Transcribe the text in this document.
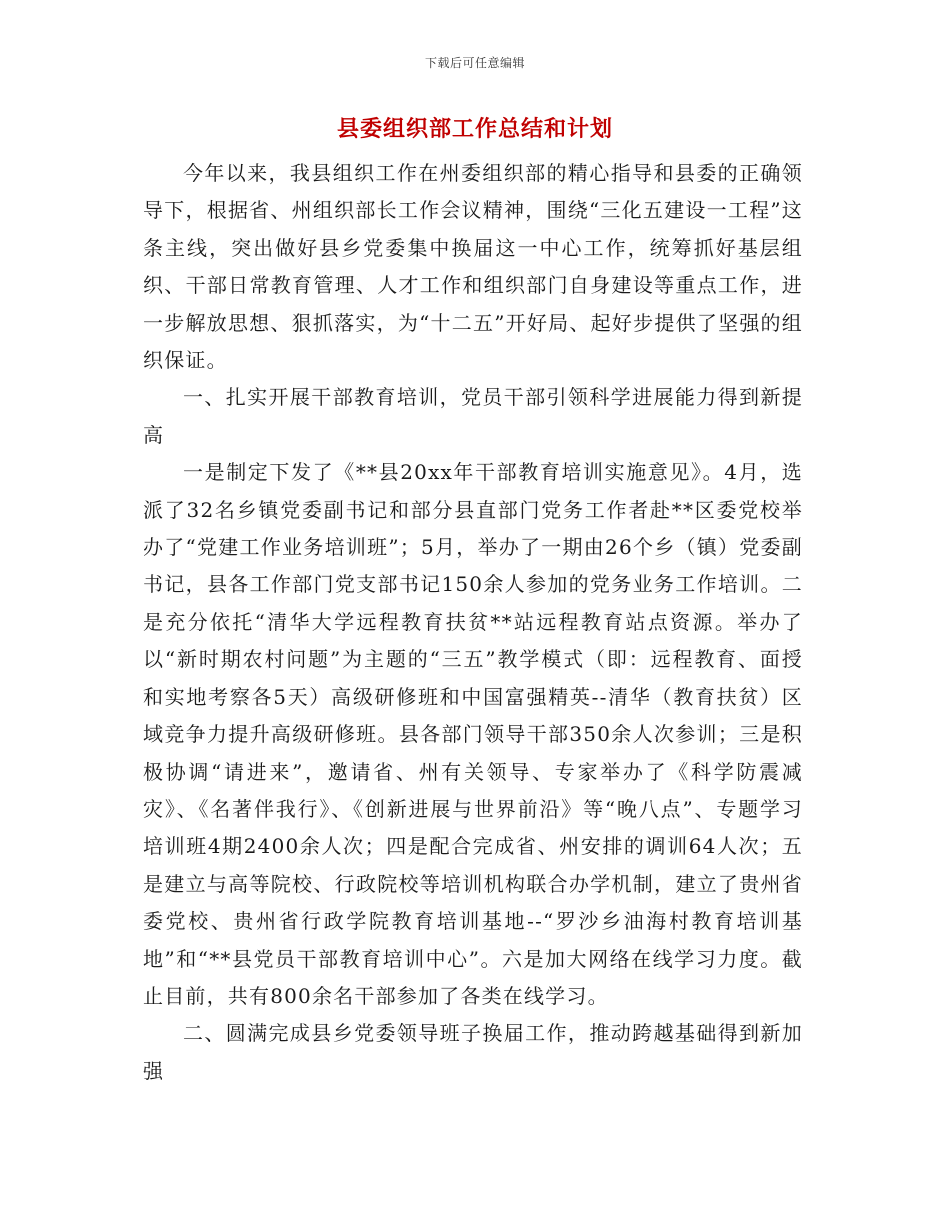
下载后可任意编辑
县委组织部工作总结和计划

今年以来，我县组织工作在州委组织部的精心指导和县委的正确领导下，根据省、州组织部长工作会议精神，围绕“三化五建设一工程”这条主线，突出做好县乡党委集中换届这一中心工作，统筹抓好基层组织、干部日常教育管理、人才工作和组织部门自身建设等重点工作，进一步解放思想、狠抓落实，为“十二五”开好局、起好步提供了坚强的组织保证。

一、扎实开展干部教育培训，党员干部引领科学进展能力得到新提高

一是制定下发了《**县20xx年干部教育培训实施意见》。4月，选派了32名乡镇党委副书记和部分县直部门党务工作者赴**区委党校举办了“党建工作业务培训班”；5月，举办了一期由26个乡（镇）党委副书记，县各工作部门党支部书记150余人参加的党务业务工作培训。二是充分依托“清华大学远程教育扶贫**站远程教育站点资源。举办了以“新时期农村问题”为主题的“三五”教学模式（即：远程教育、面授和实地考察各5天）高级研修班和中国富强精英--清华（教育扶贫）区域竞争力提升高级研修班。县各部门领导干部350余人次参训；三是积极协调“请进来”，邀请省、州有关领导、专家举办了《科学防震减灾》、《名著伴我行》、《创新进展与世界前沿》等“晚八点”、专题学习培训班4期2400余人次；四是配合完成省、州安排的调训64人次；五是建立与高等院校、行政院校等培训机构联合办学机制，建立了贵州省委党校、贵州省行政学院教育培训基地--“罗沙乡油海村教育培训基地”和“**县党员干部教育培训中心”。六是加大网络在线学习力度。截止目前，共有800余名干部参加了各类在线学习。

二、圆满完成县乡党委领导班子换届工作，推动跨越基础得到新加强
